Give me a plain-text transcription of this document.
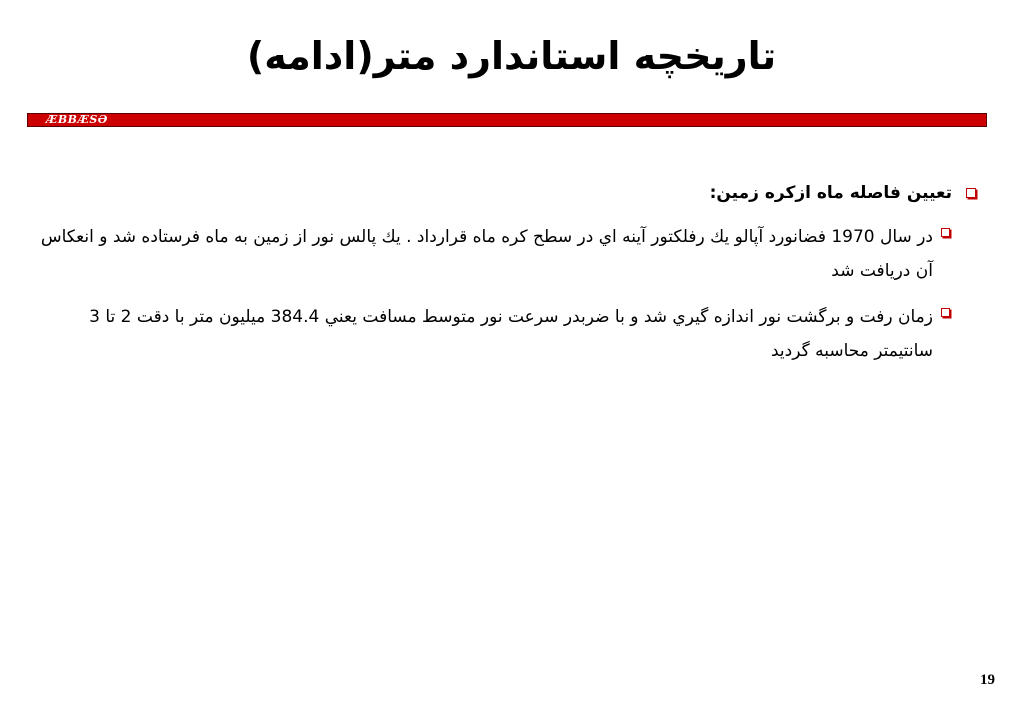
تاریخچه استاندارد متر(ادامه)
ÆBBÆSƏ
تعيين فاصله ماه ازكره زمين:
در سال 1970 فضانورد آپالو يك رفلكتور آينه اي در سطح كره ماه قرارداد . يك پالس نور از زمين به ماه فرستاده شد و انعكاس آن دريافت شد
زمان رفت و برگشت نور اندازه گيري شد و با ضربدر سرعت نور متوسط مسافت يعني 384.4 ميليون متر با دقت 2 تا 3 سانتيمتر محاسبه گرديد
19
